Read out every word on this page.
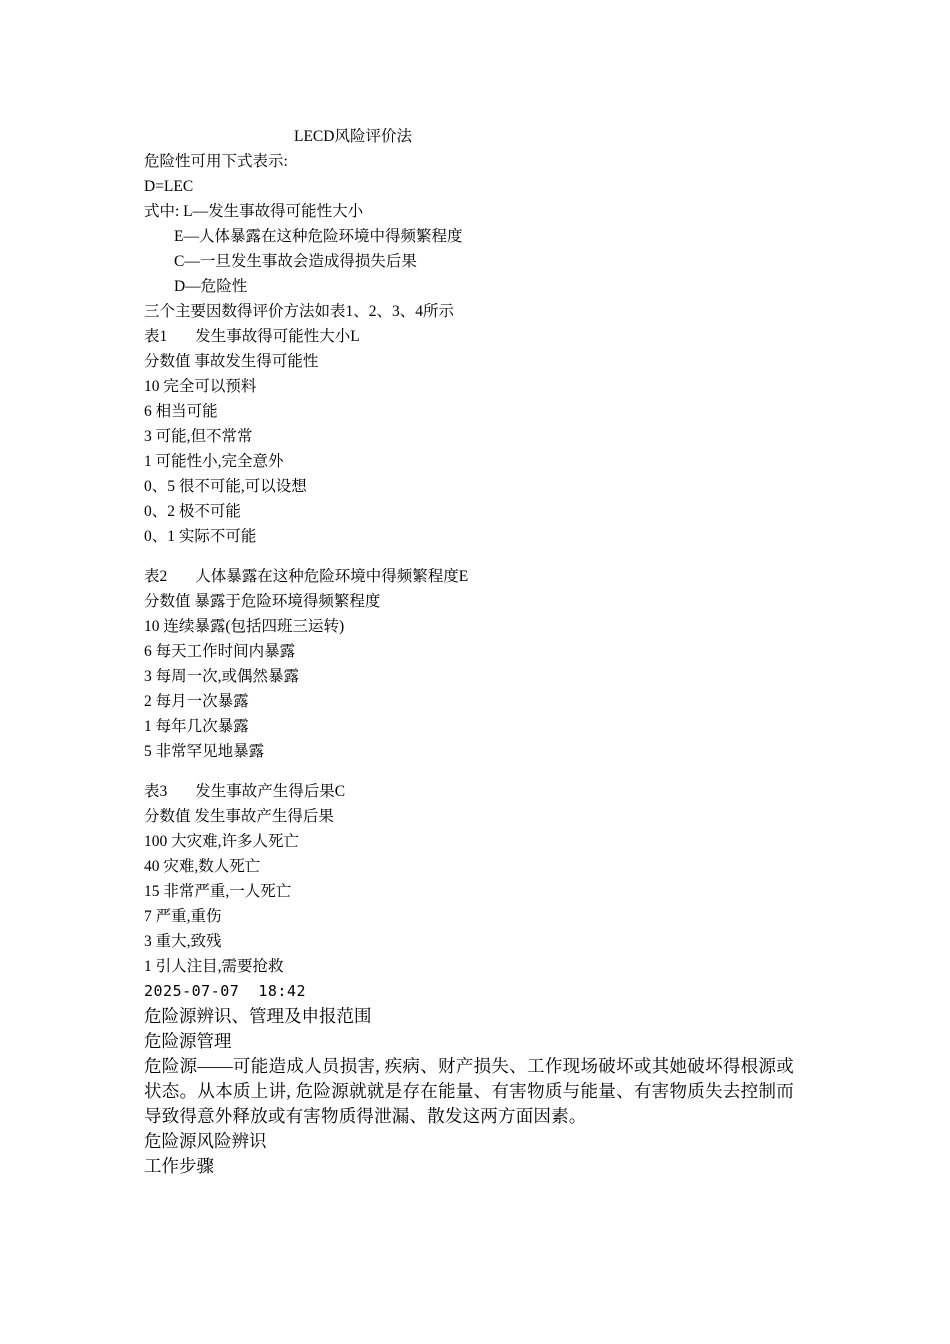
LECD风险评价法
危险性可用下式表示:
D=LEC
式中: L—发生事故得可能性大小
E—人体暴露在这种危险环境中得频繁程度
C—一旦发生事故会造成得损失后果
D—危险性
三个主要因数得评价方法如表1、2、3、4所示
表1 发生事故得可能性大小L
分数值 事故发生得可能性
10 完全可以预料
6 相当可能
3 可能,但不常常
1 可能性小,完全意外
0、5 很不可能,可以设想
0、2 极不可能
0、1 实际不可能
表2 人体暴露在这种危险环境中得频繁程度E
分数值 暴露于危险环境得频繁程度
10 连续暴露(包括四班三运转)
6 每天工作时间内暴露
3 每周一次,或偶然暴露
2 每月一次暴露
1 每年几次暴露
5 非常罕见地暴露
表3 发生事故产生得后果C
分数值 发生事故产生得后果
100 大灾难,许多人死亡
40 灾难,数人死亡
15 非常严重,一人死亡
7 严重,重伤
3 重大,致残
1 引人注目,需要抢救
2025-07-07  18:42
危险源辨识、管理及申报范围
危险源管理
危险源——可能造成人员损害, 疾病、财产损失、工作现场破坏或其她破坏得根源或状态。从本质上讲, 危险源就就是存在能量、有害物质与能量、有害物质失去控制而导致得意外释放或有害物质得泄漏、散发这两方面因素。
危险源风险辨识
工作步骤
